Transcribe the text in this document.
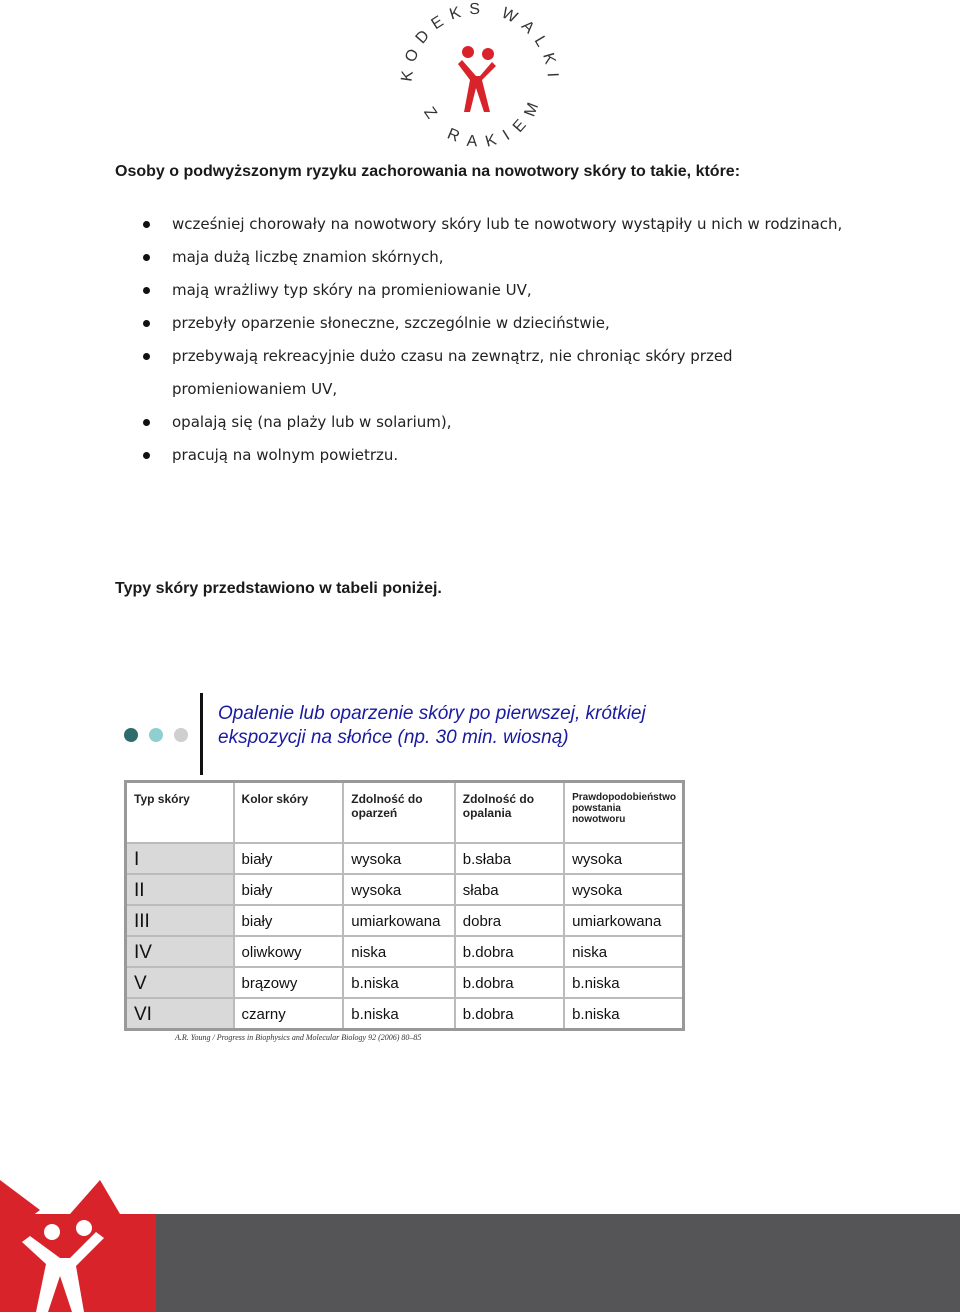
KODEKS WALKI
Z RAKIEM

Osoby o podwyższonym ryzyku zachorowania na nowotwory skóry to takie, które:

wcześniej chorowały na nowotwory skóry lub te nowotwory wystąpiły u nich w rodzinach,
maja dużą liczbę znamion skórnych,
mają wrażliwy typ skóry na promieniowanie UV,
przebyły oparzenie słoneczne, szczególnie w dzieciństwie,
przebywają rekreacyjnie dużo czasu na zewnątrz, nie chroniąc skóry przed promieniowaniem UV,
opalają się (na plaży lub w solarium),
pracują na wolnym powietrzu.

Typy skóry przedstawiono w tabeli poniżej.

Opalenie lub oparzenie skóry po pierwszej, krótkiej
ekspozycji na słońce (np. 30 min. wiosną)

Typ skóry	Kolor skóry	Zdolność do oparzeń	Zdolność do opalania	Prawdopodobieństwo powstania nowotworu
I	biały	wysoka	b.słaba	wysoka
II	biały	wysoka	słaba	wysoka
III	biały	umiarkowana	dobra	umiarkowana
IV	oliwkowy	niska	b.dobra	niska
V	brązowy	b.niska	b.dobra	b.niska
VI	czarny	b.niska	b.dobra	b.niska

A.R. Young / Progress in Biophysics and Molecular Biology 92 (2006) 80–85
